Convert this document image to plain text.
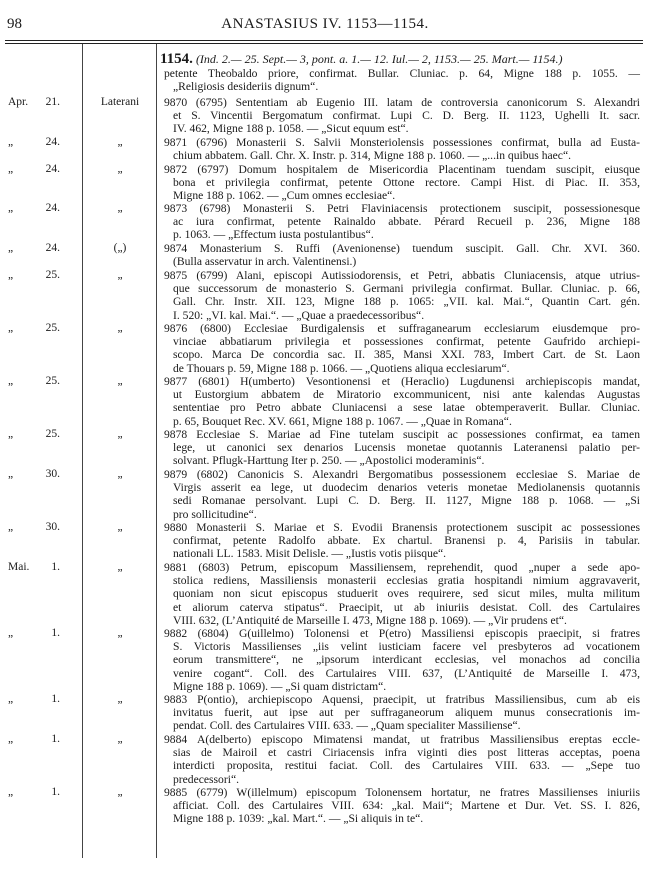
98	ANASTASIUS IV. 1153—1154.
1154. (Ind. 2.— 25. Sept.— 3, pont. a. 1.— 12. Iul.— 2, 1153.— 25. Mart.— 1154.)
petente Theobaldo priore, confirmat. Bullar. Cluniac. p. 64, Migne 188 p. 1055. —
„Religiosis desideriis dignum“.
Apr. 21.	Laterani	9870 (6795) Sententiam ab Eugenio III. latam de controversia canonicorum S. Alexandri
et S. Vincentii Bergomatum confirmat. Lupi C. D. Berg. II. 1123, Ughelli It. sacr.
IV. 462, Migne 188 p. 1058. — „Sicut equum est“.
„	24.	„	9871 (6796) Monasterii S. Salvii Monsteriolensis possessiones confirmat, bulla ad Eusta-
chium abbatem. Gall. Chr. X. Instr. p. 314, Migne 188 p. 1060. — „...in quibus haec“.
„	24.	„	9872 (6797) Domum hospitalem de Misericordia Placentinam tuendam suscipit, eiusque
bona et privilegia confirmat, petente Ottone rectore. Campi Hist. di Piac. II. 353,
Migne 188 p. 1062. — „Cum omnes ecclesiae“.
„	24.	„	9873 (6798) Monasterii S. Petri Flaviniacensis protectionem suscipit, possessionesque
ac iura confirmat, petente Rainaldo abbate. Pérard Recueil p. 236, Migne 188
p. 1063. — „Effectum iusta postulantibus“.
„	24.	(„)	9874 Monasterium S. Ruffi (Avenionense) tuendum suscipit. Gall. Chr. XVI. 360.
(Bulla asservatur in arch. Valentinensi.)
„	25.	„	9875 (6799) Alani, episcopi Autissiodorensis, et Petri, abbatis Cluniacensis, atque utrius-
que successorum de monasterio S. Germani privilegia confirmat. Bullar. Cluniac. p. 66,
Gall. Chr. Instr. XII. 123, Migne 188 p. 1065: „VII. kal. Mai.“, Quantin Cart. gén.
I. 520: „VI. kal. Mai.“. — „Quae a praedecessoribus“.
„	25.	„	9876 (6800) Ecclesiae Burdigalensis et suffraganearum ecclesiarum eiusdemque pro-
vinciae abbatiarum privilegia et possessiones confirmat, petente Gaufrido archiepi-
scopo. Marca De concordia sac. II. 385, Mansi XXI. 783, Imbert Cart. de St. Laon
de Thouars p. 59, Migne 188 p. 1066. — „Quotiens aliqua ecclesiarum“.
„	25.	„	9877 (6801) H(umberto) Vesontionensi et (Heraclio) Lugdunensi archiepiscopis mandat,
ut Eustorgium abbatem de Miratorio excommunicent, nisi ante kalendas Augustas
sententiae pro Petro abbate Cluniacensi a sese latae obtemperaverit. Bullar. Cluniac.
p. 65, Bouquet Rec. XV. 661, Migne 188 p. 1067. — „Quae in Romana“.
„	25.	„	9878 Ecclesiae S. Mariae ad Fine tutelam suscipit ac possessiones confirmat, ea tamen
lege, ut canonici sex denarios Lucensis monetae quotannis Lateranensi palatio per-
solvant. Pflugk-Harttung Iter p. 250. — „Apostolici moderaminis“.
„	30.	„	9879 (6802) Canonicis S. Alexandri Bergomatibus possessionem ecclesiae S. Mariae de
Virgis asserit ea lege, ut duodecim denarios veteris monetae Mediolanensis quotannis
sedi Romanae persolvant. Lupi C. D. Berg. II. 1127, Migne 188 p. 1068. — „Si
pro sollicitudine“.
„	30.	„	9880 Monasterii S. Mariae et S. Evodii Branensis protectionem suscipit ac possessiones
confirmat, petente Radolfo abbate. Ex chartul. Branensi p. 4, Parisiis in tabular.
nationali LL. 1583. Misit Delisle. — „Iustis votis piisque“.
Mai. 1.	„	9881 (6803) Petrum, episcopum Massiliensem, reprehendit, quod „nuper a sede apo-
stolica rediens, Massiliensis monasterii ecclesias gratia hospitandi nimium aggravaverit,
quoniam non sicut episcopus studuerit oves requirere, sed sicut miles, multa militum
et aliorum caterva stipatus“. Praecipit, ut ab iniuriis desistat. Coll. des Cartulaires
VIII. 632, (L’Antiquité de Marseille I. 473, Migne 188 p. 1069). — „Vir prudens et“.
„	1.	„	9882 (6804) G(uillelmo) Tolonensi et P(etro) Massiliensi episcopis praecipit, si fratres
S. Victoris Massilienses „iis velint iusticiam facere vel presbyteros ad vocationem
eorum transmittere“, ne „ipsorum interdicant ecclesias, vel monachos ad concilia
venire cogant“. Coll. des Cartulaires VIII. 637, (L’Antiquité de Marseille I. 473,
Migne 188 p. 1069). — „Si quam districtam“.
„	1.	„	9883 P(ontio), archiepiscopo Aquensi, praecipit, ut fratribus Massiliensibus, cum ab eis
invitatus fuerit, aut ipse aut per suffraganeorum aliquem munus consecrationis im-
pendat. Coll. des Cartulaires VIII. 633. — „Quam specialiter Massiliense“.
„	1.	„	9884 A(delberto) episcopo Mimatensi mandat, ut fratribus Massiliensibus ereptas eccle-
sias de Mairoil et castri Ciriacensis infra viginti dies post litteras acceptas, poena
interdicti proposita, restitui faciat. Coll. des Cartulaires VIII. 633. — „Sepe tuo
predecessori“.
„	1.	„	9885 (6779) W(illelmum) episcopum Tolonensem hortatur, ne fratres Massilienses iniuriis
afficiat. Coll. des Cartulaires VIII. 634: „kal. Maii“; Martene et Dur. Vet. SS. I. 826,
Migne 188 p. 1039: „kal. Mart.“. — „Si aliquis in te“.
